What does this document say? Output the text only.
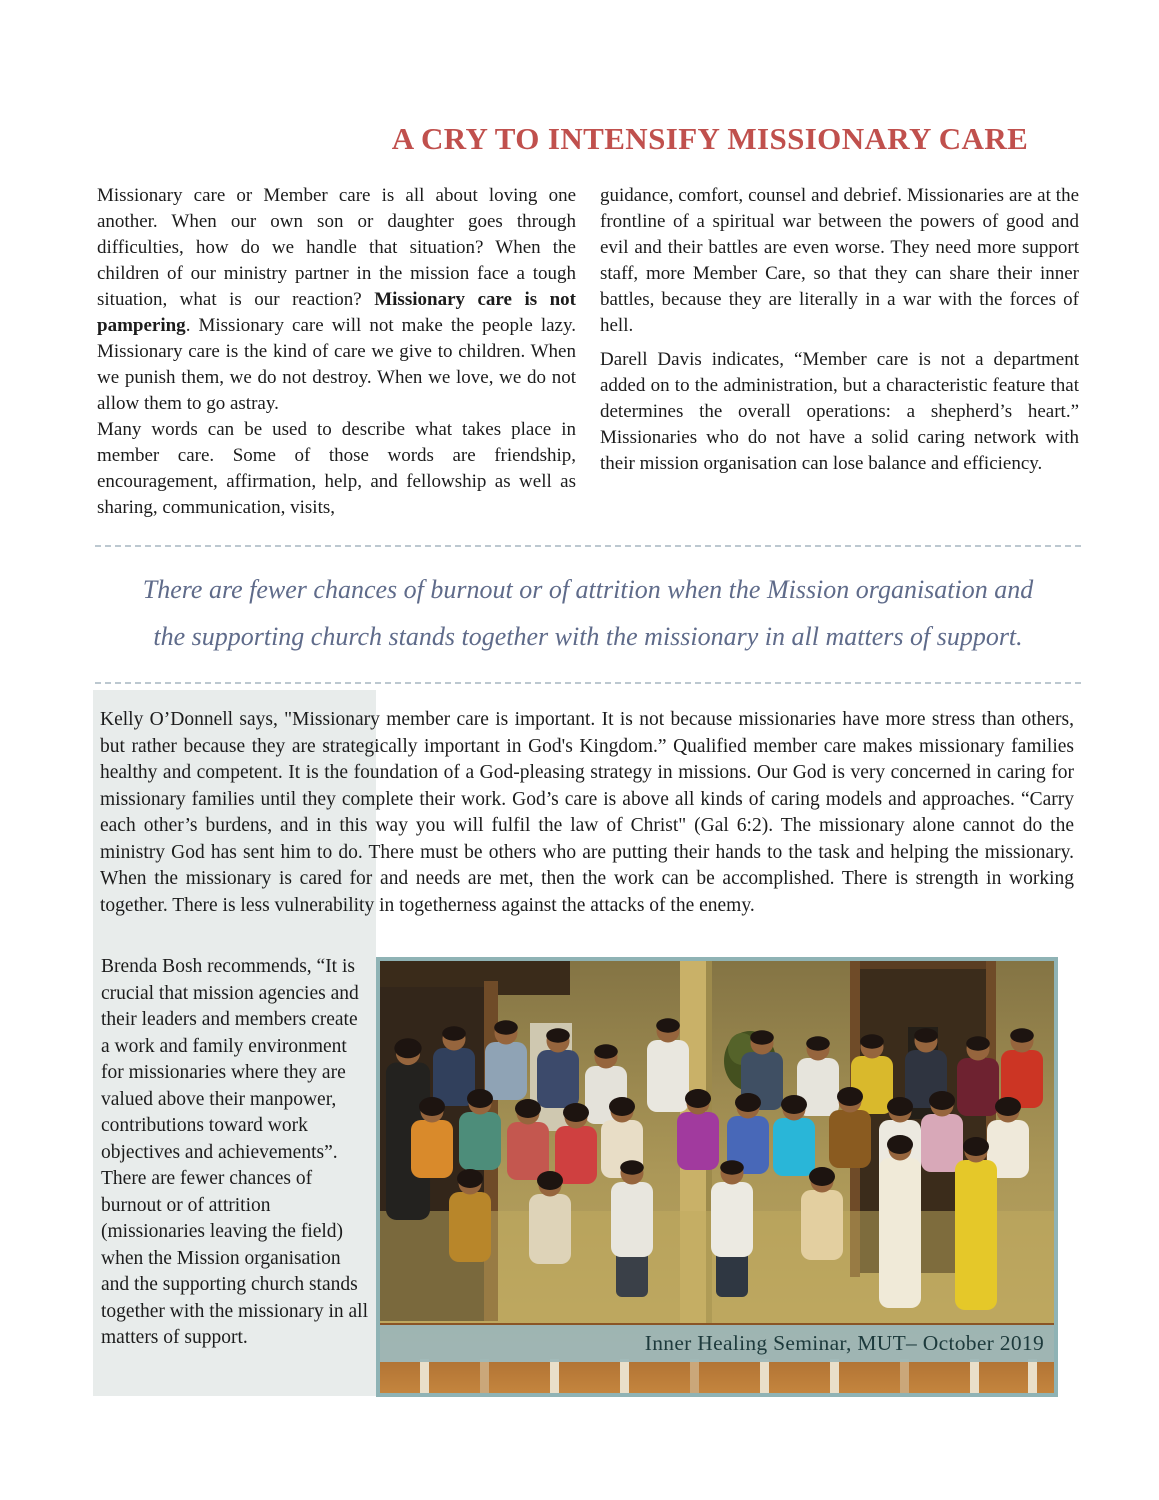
A CRY TO INTENSIFY MISSIONARY CARE

Missionary care or Member care is all about loving one another. When our own son or daughter goes through difficulties, how do we handle that situation? When the children of our ministry partner in the mission face a tough situation, what is our reaction? Missionary care is not pampering. Missionary care will not make the people lazy. Missionary care is the kind of care we give to children. When we punish them, we do not destroy. When we love, we do not allow them to go astray.

Many words can be used to describe what takes place in member care. Some of those words are friendship, encouragement, affirmation, help, and fellowship as well as sharing, communication, visits,

guidance, comfort, counsel and debrief. Missionaries are at the frontline of a spiritual war between the powers of good and evil and their battles are even worse. They need more support staff, more Member Care, so that they can share their inner battles, because they are literally in a war with the forces of hell.

Darell Davis indicates, “Member care is not a department added on to the administration, but a characteristic feature that determines the overall operations: a shepherd’s heart.” Missionaries who do not have a solid caring network with their mission organisation can lose balance and efficiency.

There are fewer chances of burnout or of attrition when the Mission organisation and
the supporting church stands together with the missionary in all matters of support.
Kelly O’Donnell says, "Missionary member care is important. It is not because missionaries have more stress than others, but rather because they are strategically important in God's Kingdom.” Qualified member care makes missionary families healthy and competent. It is the foundation of a God-pleasing strategy in missions. Our God is very concerned in caring for missionary families until they complete their work. God’s care is above all kinds of caring models and approaches. “Carry each other’s burdens, and in this way you will fulfil the law of Christ" (Gal 6:2). The missionary alone cannot do the ministry God has sent him to do. There must be others who are putting their hands to the task and helping the missionary. When the missionary is cared for and needs are met, then the work can be accomplished. There is strength in working together. There is less vulnerability in togetherness against the attacks of the enemy.
Brenda Bosh recommends, “It is crucial that mission agencies and their leaders and members create a work and family environment for missionaries where they are valued above their manpower, contributions toward work objectives and achievements”. There are fewer chances of burnout or of attrition (missionaries leaving the field) when the Mission organisation and the supporting church stands together with the missionary in all matters of support.	Inner Healing Seminar, MUT– October 2019
